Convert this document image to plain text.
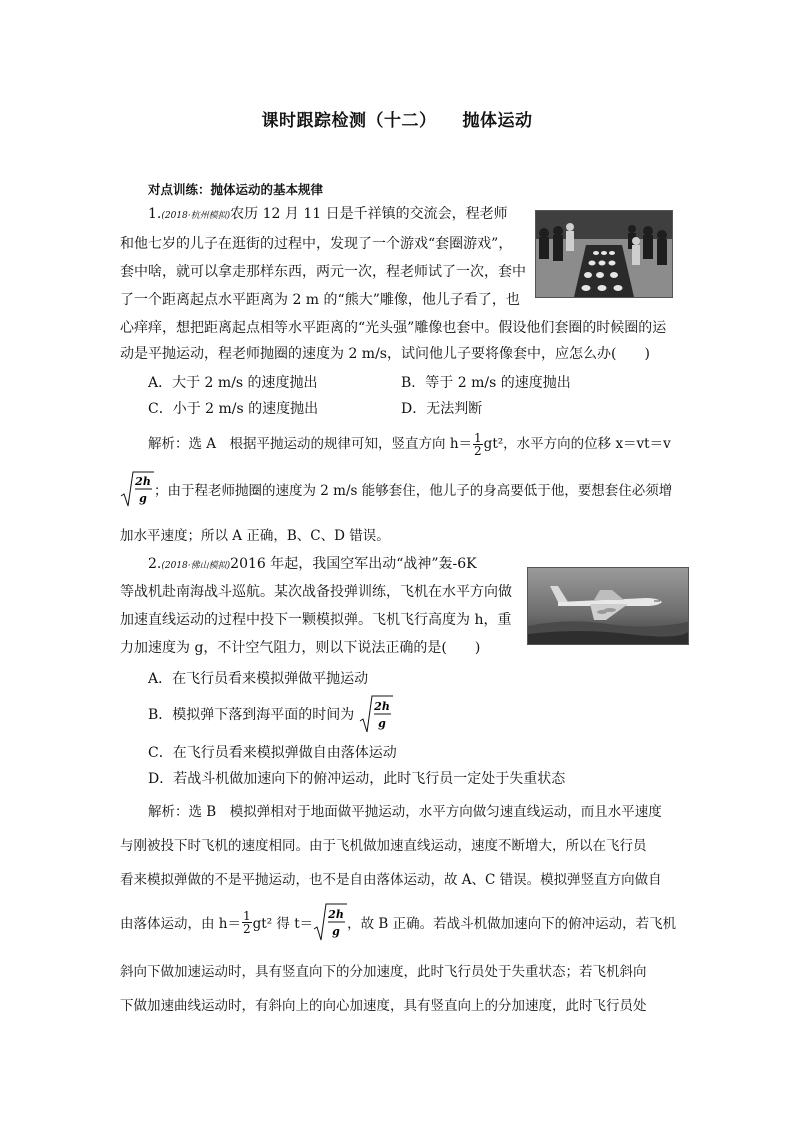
课时跟踪检测（十二） 抛体运动
对点训练：抛体运动的基本规律
1.(2018·杭州模拟)农历 12 月 11 日是千祥镇的交流会，程老师
和他七岁的儿子在逛街的过程中，发现了一个游戏“套圈游戏”，
套中啥，就可以拿走那样东西，两元一次，程老师试了一次，套中
了一个距离起点水平距离为 2 m 的“熊大”雕像，他儿子看了，也
心痒痒，想把距离起点相等水平距离的“光头强”雕像也套中。假设他们套圈的时候圈的运
动是平抛运动，程老师抛圈的速度为 2 m/s，试问他儿子要将像套中，应怎么办(　　)
A．大于 2 m/s 的速度抛出	B．等于 2 m/s 的速度抛出
C．小于 2 m/s 的速度抛出	D．无法判断
解析：选 A　根据平抛运动的规律可知，竖直方向 $h= \frac{1}{2} gt^2$，水平方向的位移 x＝vt＝v
2h
g ；由于程老师抛圈的速度为 2 m/s 能够套住，他儿子的身高要低于他，要想套住必须增
加水平速度；所以 A 正确，B、C、D 错误。
2.(2018·佛山模拟)2016 年起，我国空军出动“战神”轰-6K
等战机赴南海战斗巡航。某次战备投弹训练，飞机在水平方向做
加速直线运动的过程中投下一颗模拟弹。飞机飞行高度为 h，重
力加速度为 g，不计空气阻力，则以下说法正确的是(　　)
A．在飞行员看来模拟弹做平抛运动
B．模拟弹下落到海平面的时间为
2h
g
C．在飞行员看来模拟弹做自由落体运动
D．若战斗机做加速向下的俯冲运动，此时飞行员一定处于失重状态
解析：选 B　模拟弹相对于地面做平抛运动，水平方向做匀速直线运动，而且水平速度
与刚被投下时飞机的速度相同。由于飞机做加速直线运动，速度不断增大，所以在飞行员
看来模拟弹做的不是平抛运动，也不是自由落体运动，故 A、C 错误。模拟弹竖直方向做自
由落体运动，由 $h= \frac{1}{2} gt^2$ 得 t＝
2h
g ，故 B 正确。若战斗机做加速向下的俯冲运动，若飞机
斜向下做加速运动时，具有竖直向下的分加速度，此时飞行员处于失重状态；若飞机斜向
下做加速曲线运动时，有斜向上的向心加速度，具有竖直向上的分加速度，此时飞行员处
